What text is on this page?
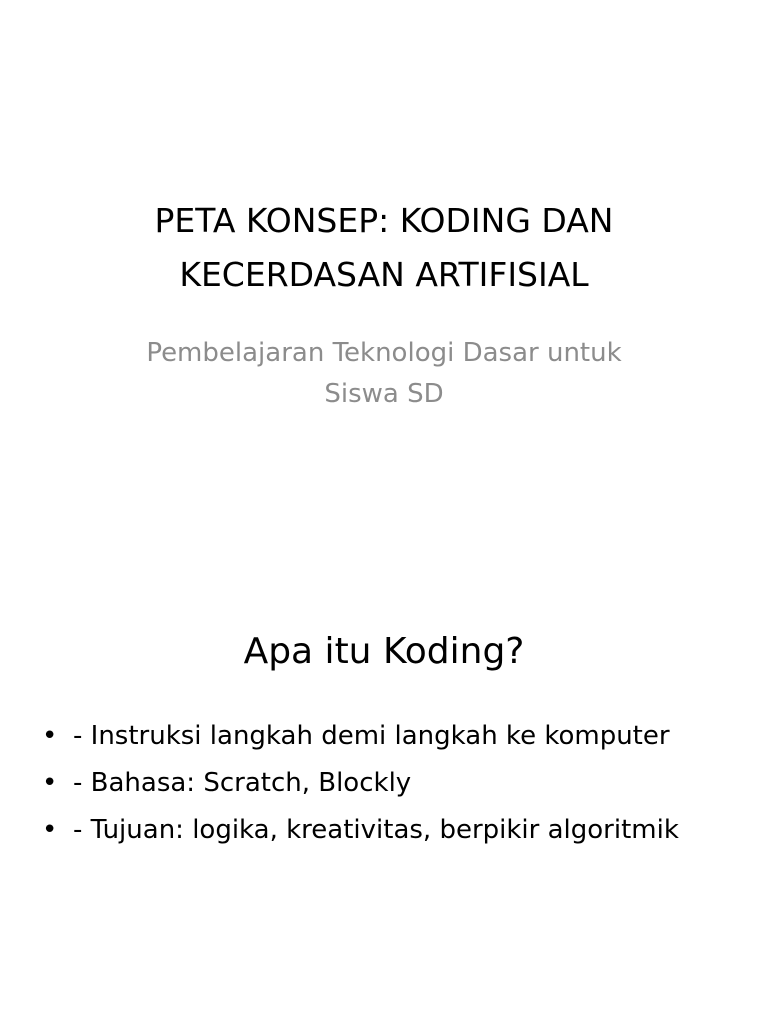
PETA KONSEP: KODING DAN
KECERDASAN ARTIFISIAL

Pembelajaran Teknologi Dasar untuk
Siswa SD

Apa itu Koding?
• - Instruksi langkah demi langkah ke komputer
• - Bahasa: Scratch, Blockly
• - Tujuan: logika, kreativitas, berpikir algoritmik
